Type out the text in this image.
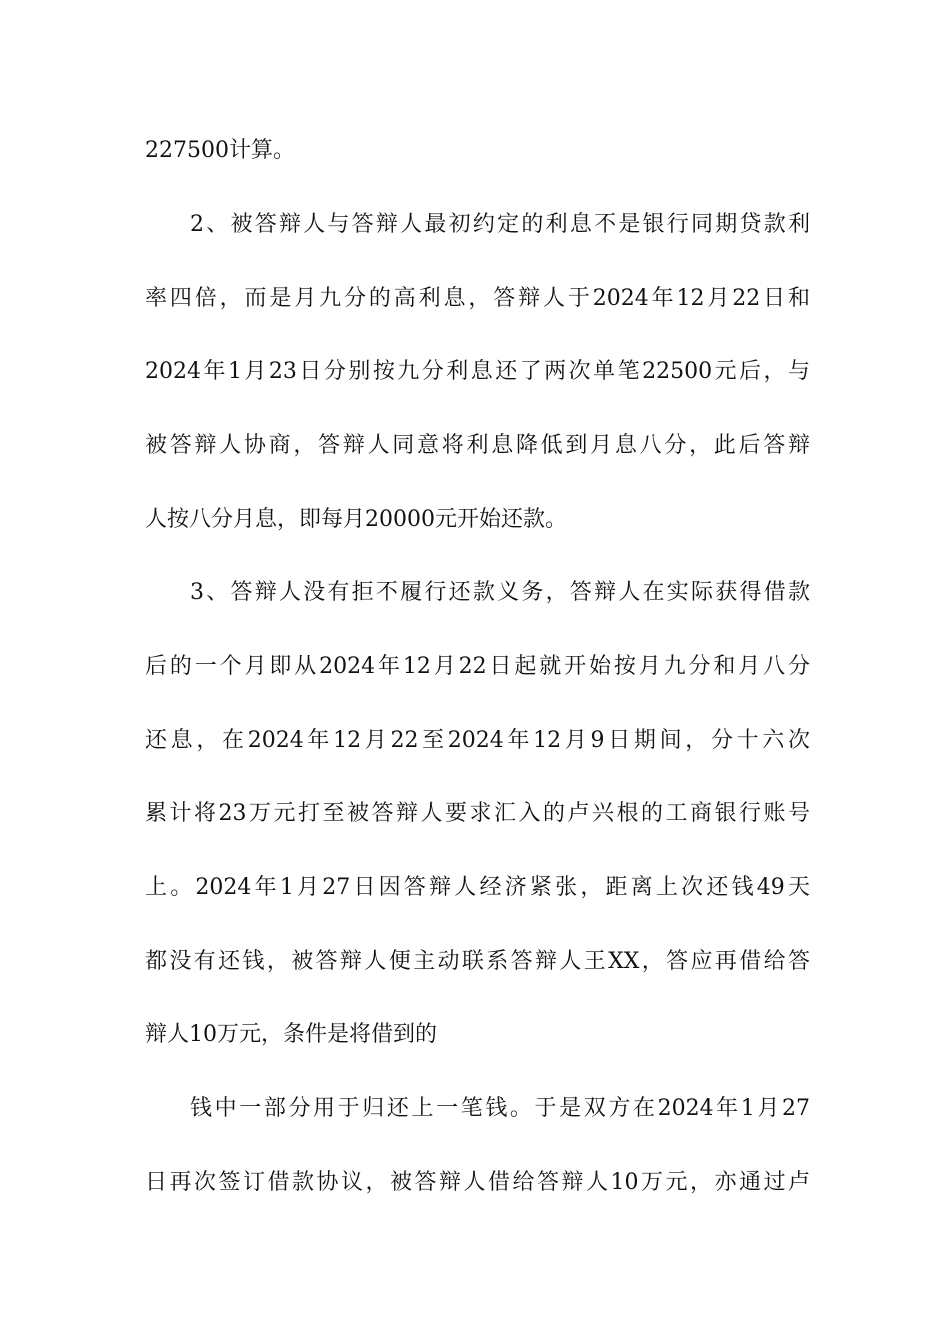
227500计算。

2、被答辩人与答辩人最初约定的利息不是银行同期贷款利

率四倍，而是月九分的高利息，答辩人于2024年12月22日和

2024年1月23日分别按九分利息还了两次单笔22500元后，与

被答辩人协商，答辩人同意将利息降低到月息八分，此后答辩

人按八分月息，即每月20000元开始还款。

3、答辩人没有拒不履行还款义务，答辩人在实际获得借款

后的一个月即从2024年12月22日起就开始按月九分和月八分

还息，在2024年12月22至2024年12月9日期间，分十六次

累计将23万元打至被答辩人要求汇入的卢兴根的工商银行账号

上。2024年1月27日因答辩人经济紧张，距离上次还钱49天

都没有还钱，被答辩人便主动联系答辩人王XX，答应再借给答

辩人10万元，条件是将借到的

钱中一部分用于归还上一笔钱。于是双方在2024年1月27

日再次签订借款协议，被答辩人借给答辩人10万元，亦通过卢
